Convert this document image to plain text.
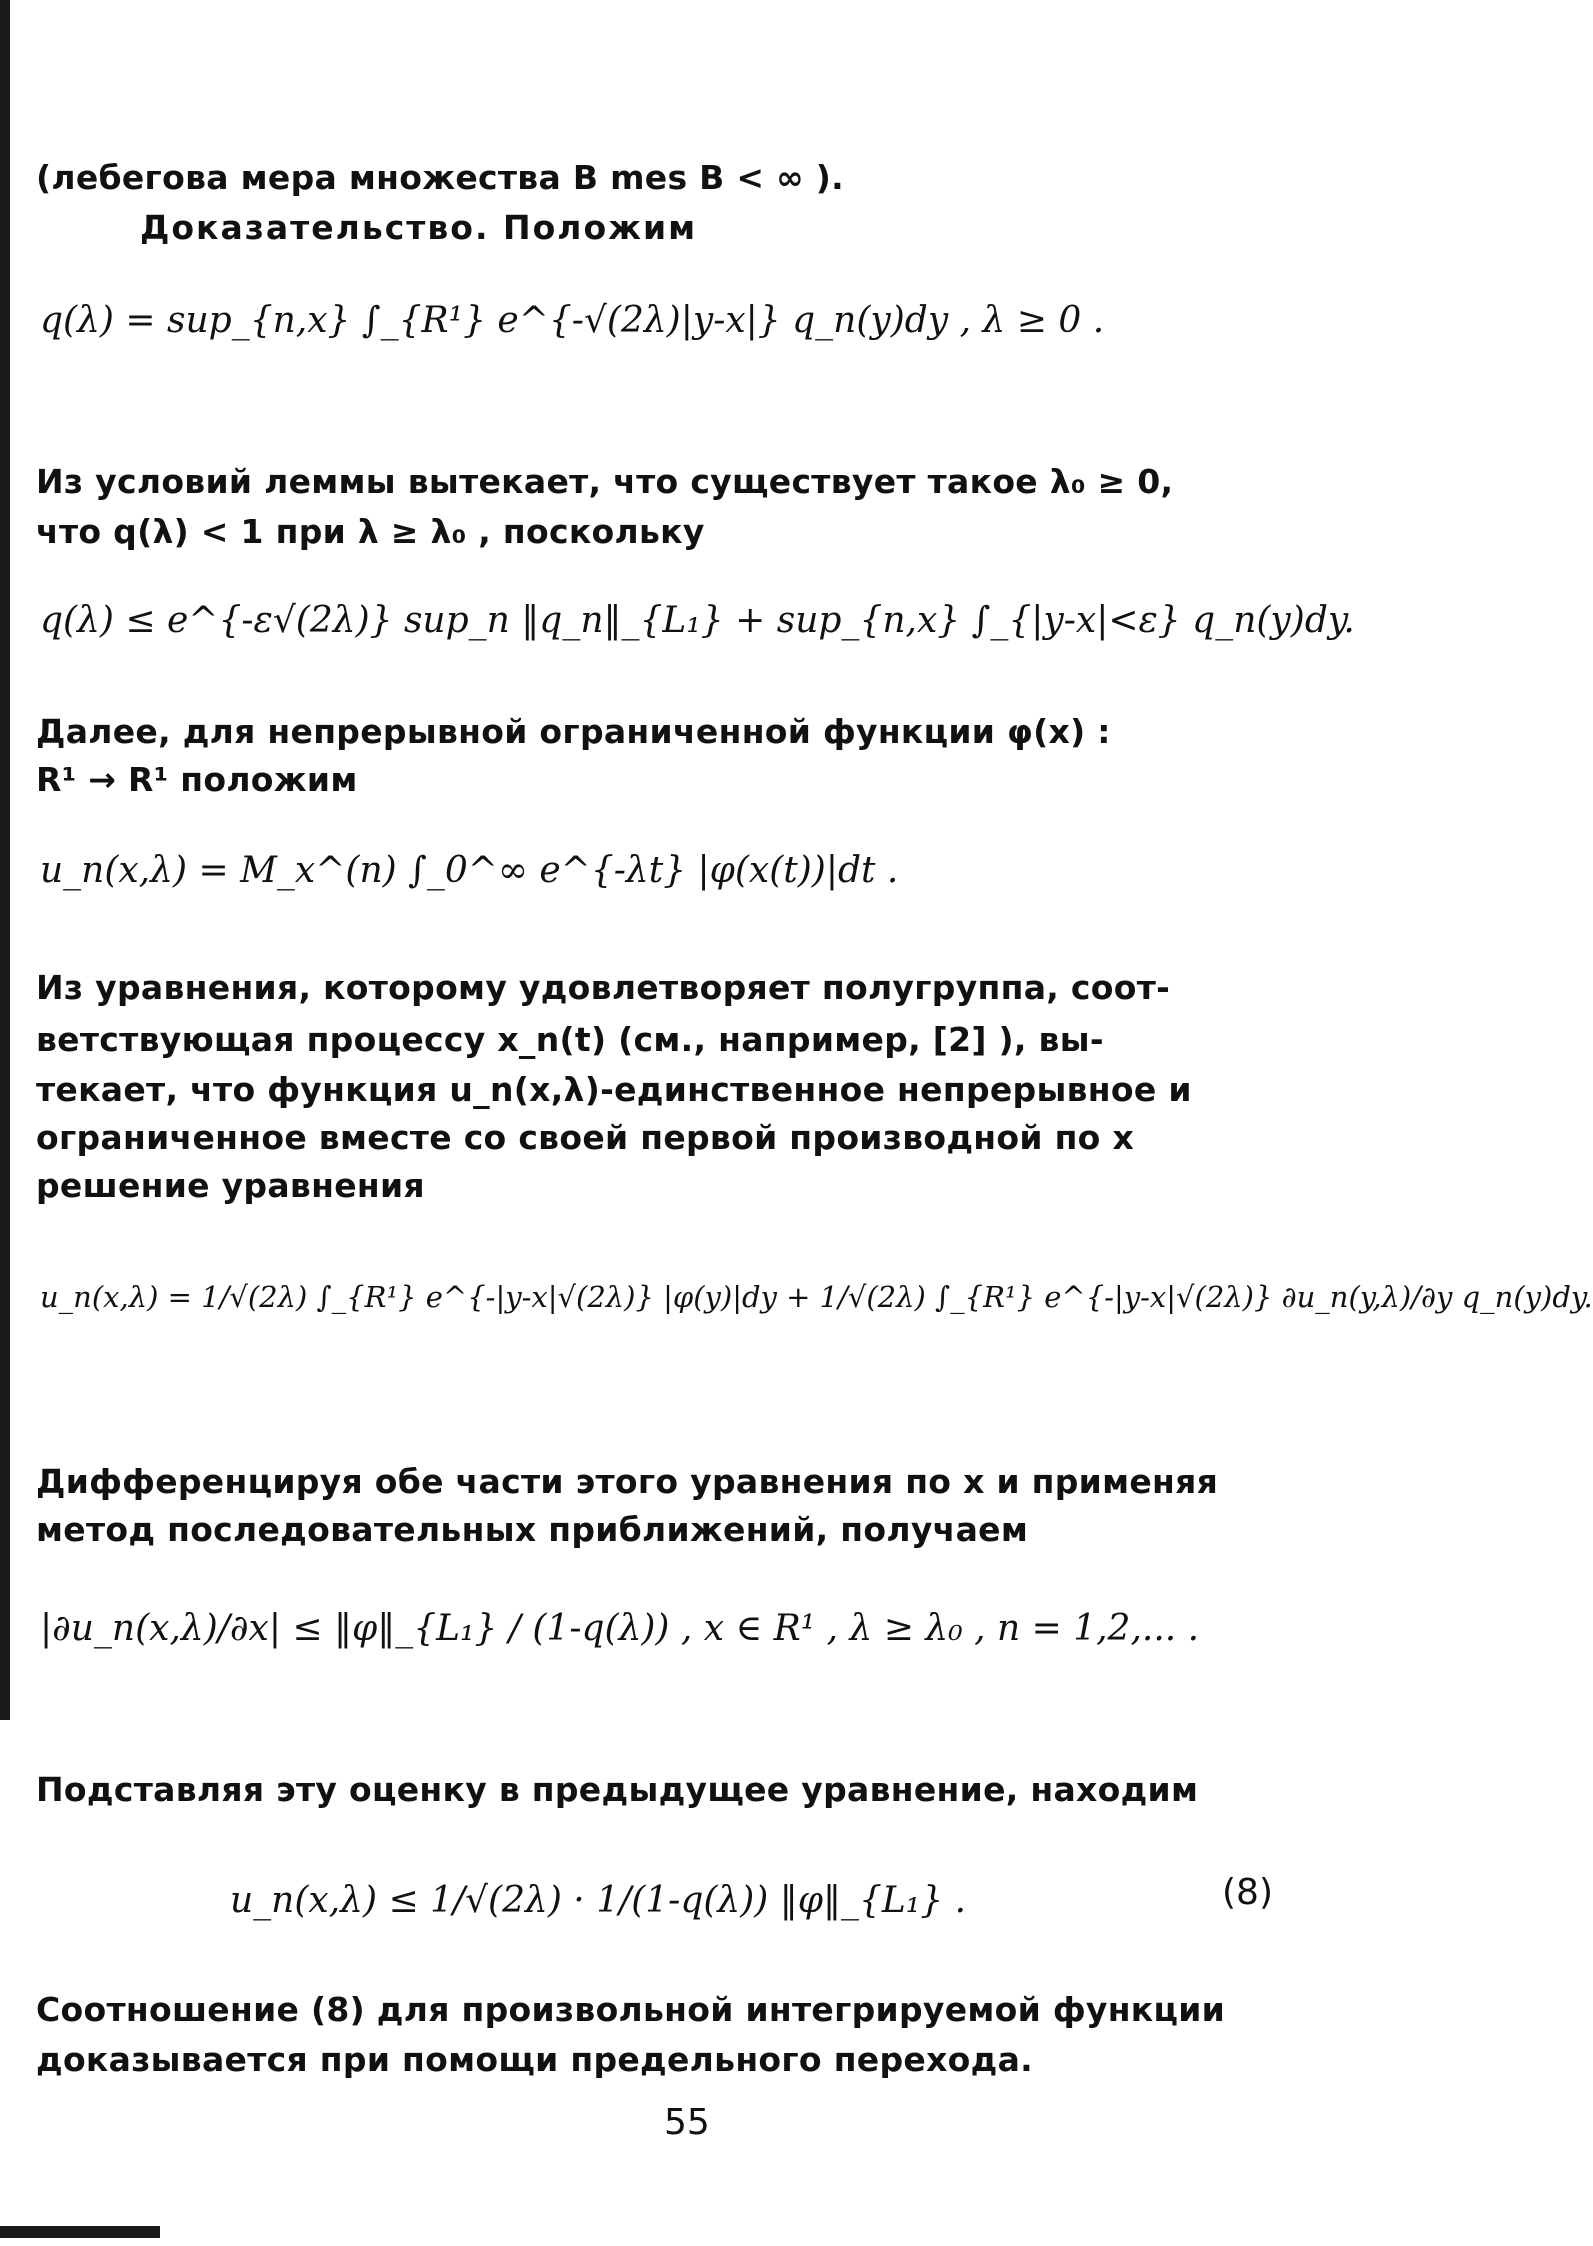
(лебегова мера множества B mes B < ∞ ).

Доказательство. Положим

q(λ) = sup_{n,x} ∫_{R¹} e^{-√(2λ)|y-x|} q_n(y)dy , λ ≥ 0 .

Из условий леммы вытекает, что существует такое λ₀ ≥ 0,

что q(λ) < 1 при λ ≥ λ₀ , поскольку

q(λ) ≤ e^{-ε√(2λ)} sup_n ‖q_n‖_{L₁} + sup_{n,x} ∫_{|y-x|<ε} q_n(y)dy.

Далее, для непрерывной ограниченной функции φ(x) :

R¹ → R¹ положим

u_n(x,λ) = M_x^(n) ∫_0^∞ e^{-λt} |φ(x(t))|dt .

Из уравнения, которому удовлетворяет полугруппа, соот-

ветствующая процессу x_n(t) (см., например, [2] ), вы-

текает, что функция u_n(x,λ)-единственное непрерывное и

ограниченное вместе со своей первой производной по x

решение уравнения

u_n(x,λ) = 1/√(2λ) ∫_{R¹} e^{-|y-x|√(2λ)} |φ(y)|dy + 1/√(2λ) ∫_{R¹} e^{-|y-x|√(2λ)} ∂u_n(y,λ)/∂y q_n(y)dy.

Дифференцируя обе части этого уравнения по x и применяя

метод последовательных приближений, получаем

|∂u_n(x,λ)/∂x| ≤ ‖φ‖_{L₁} / (1-q(λ)) , x ∈ R¹ , λ ≥ λ₀ , n = 1,2,... .

Подставляя эту оценку в предыдущее уравнение, находим

u_n(x,λ) ≤ 1/√(2λ) · 1/(1-q(λ)) ‖φ‖_{L₁} .	(8)

Соотношение (8) для произвольной интегрируемой функции

доказывается при помощи предельного перехода.

55
